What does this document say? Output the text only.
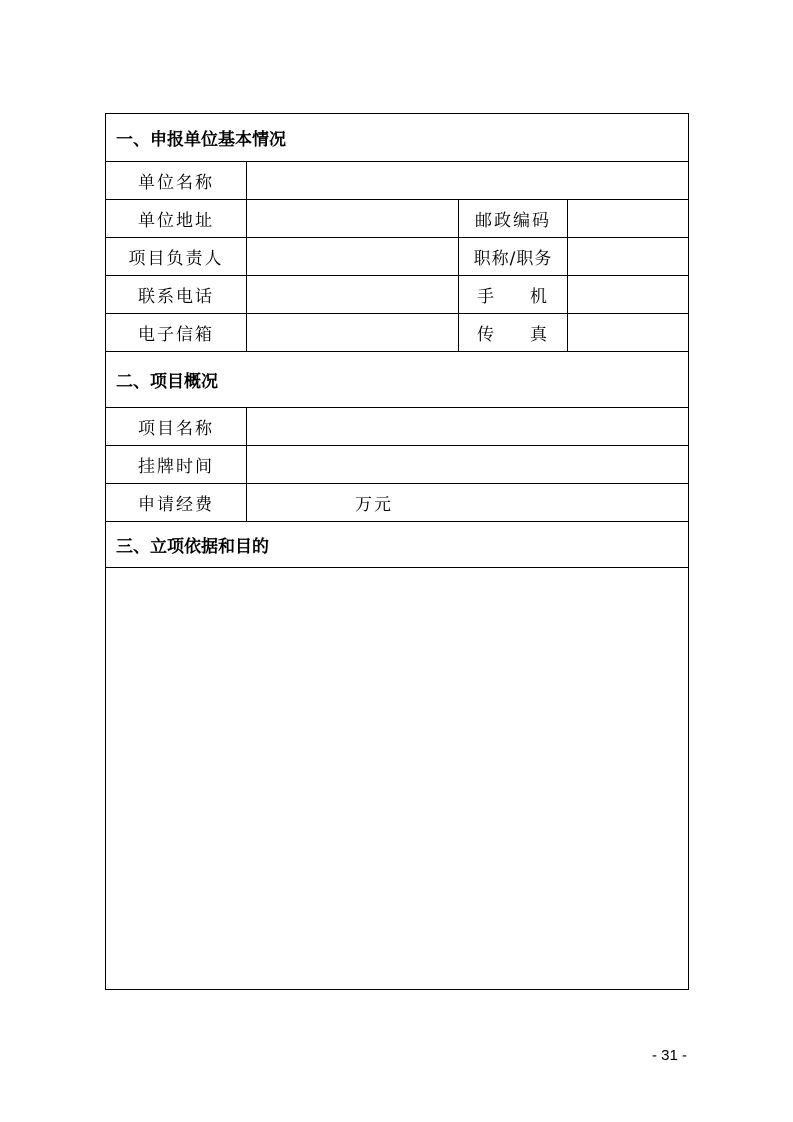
一、申报单位基本情况
单位名称
单位地址	邮政编码
项目负责人	职称/职务
联系电话	手 机
电子信箱	传 真
二、项目概况
项目名称
挂牌时间
申请经费	万元
三、立项依据和目的
- 31 -
